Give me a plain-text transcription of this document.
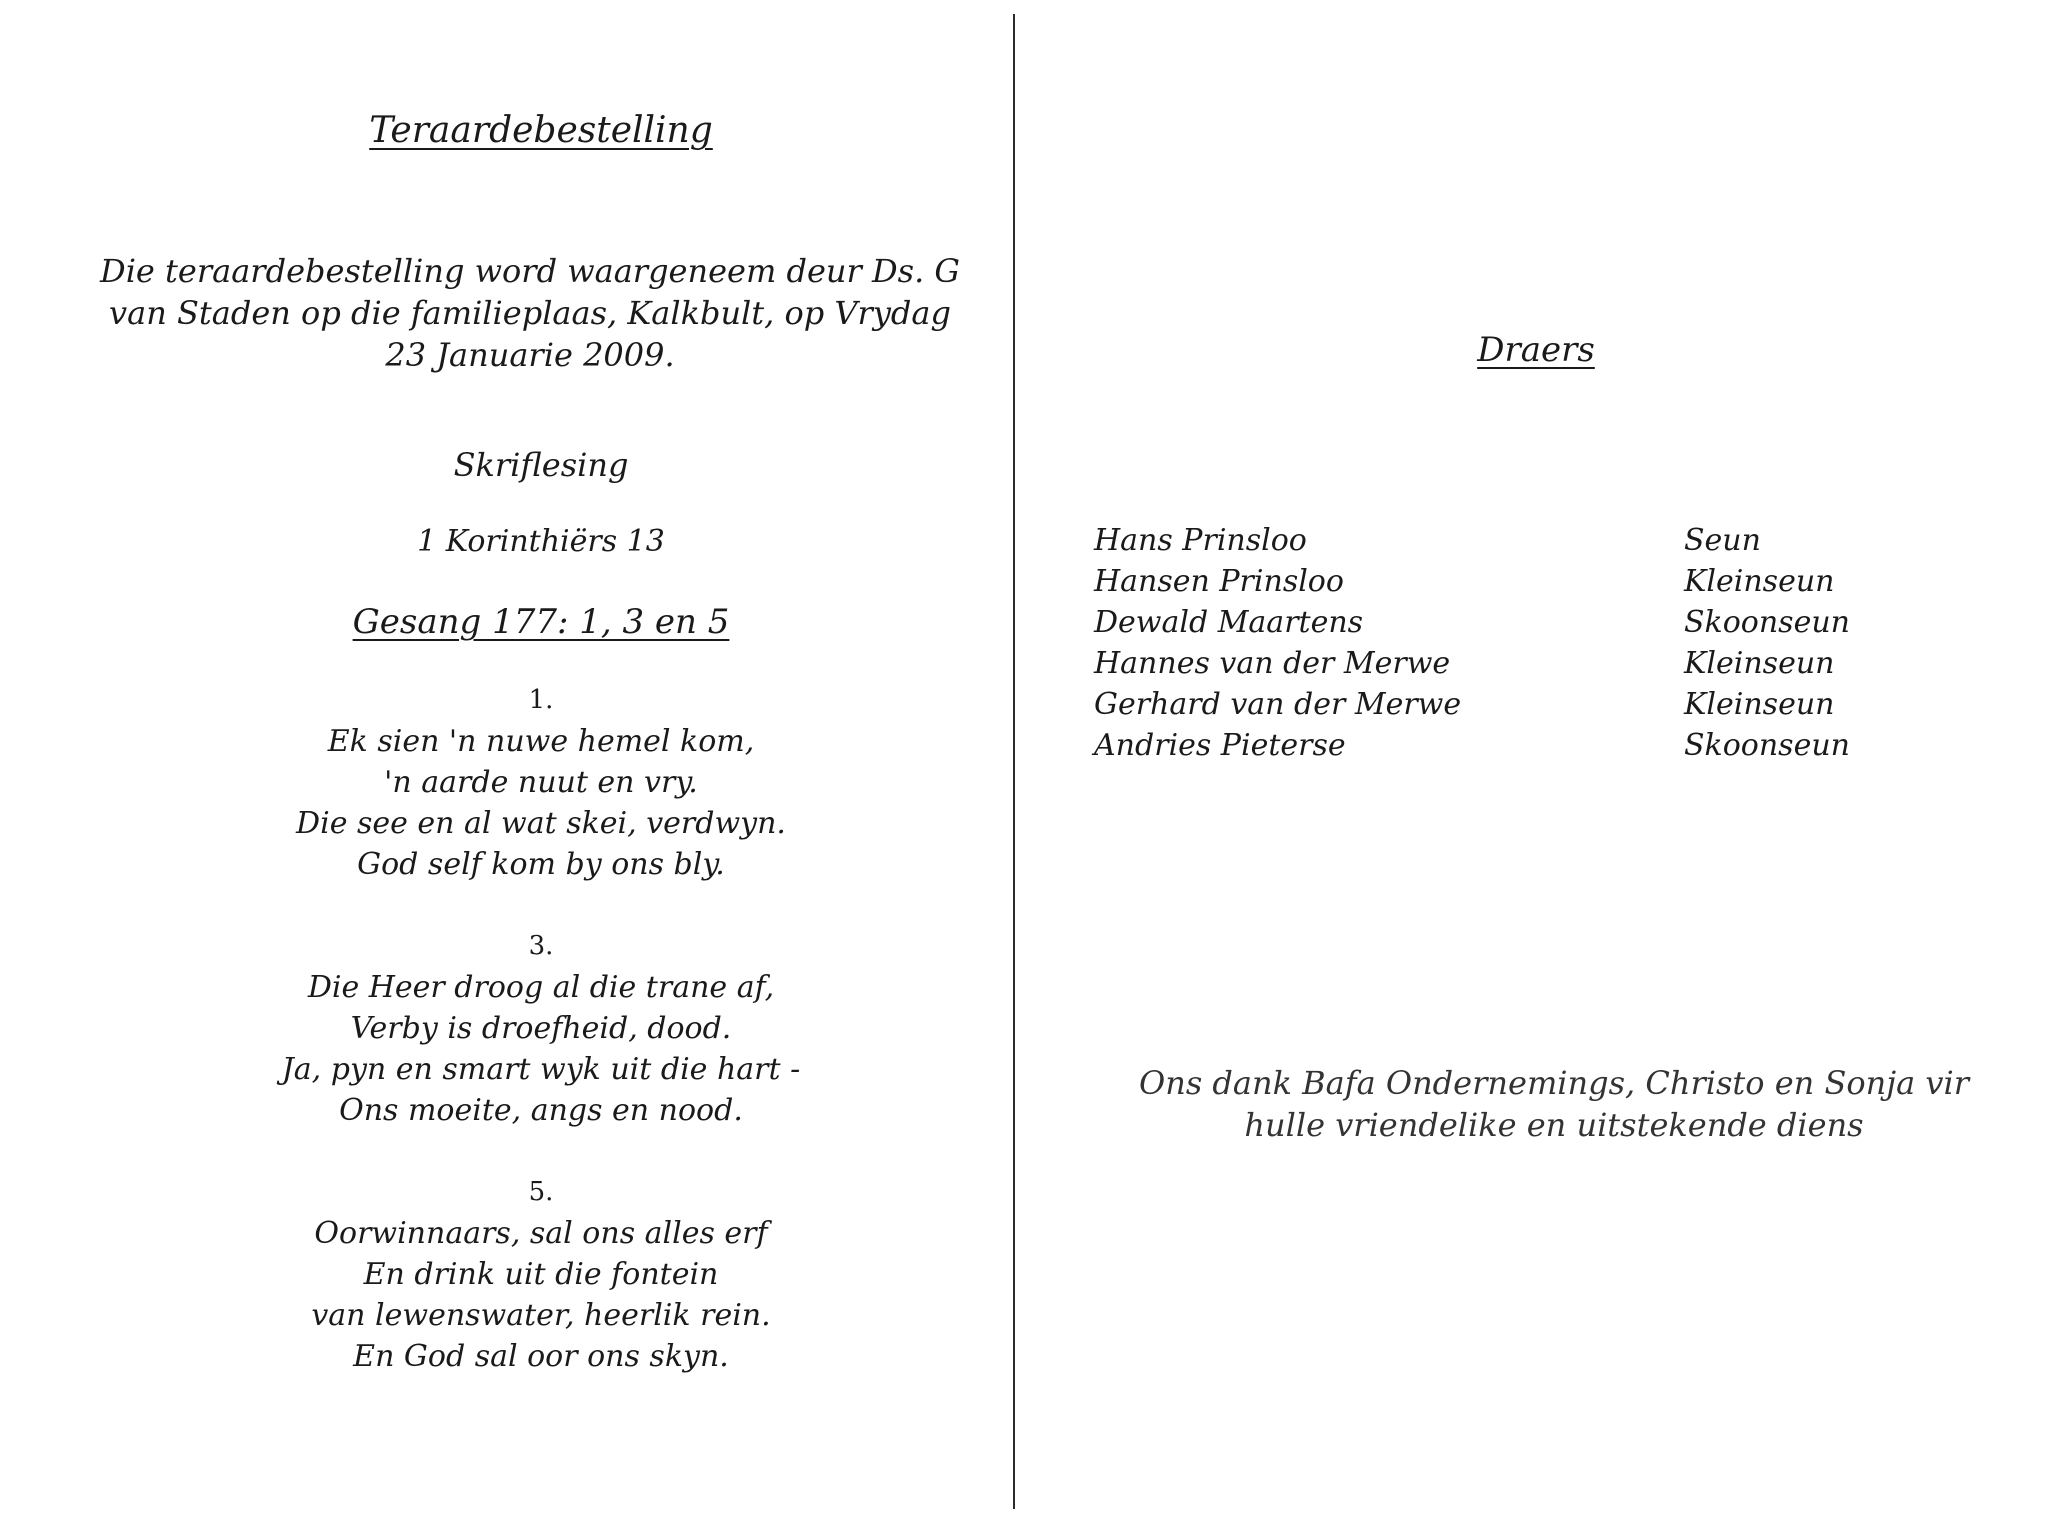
Teraardebestelling
Die teraardebestelling word waargeneem deur Ds. G
van Staden op die familieplaas, Kalkbult, op Vrydag
23 Januarie 2009.
Skriflesing
1 Korinthiërs 13
Gesang 177: 1, 3 en 5
1.
Ek sien 'n nuwe hemel kom,
'n aarde nuut en vry.
Die see en al wat skei, verdwyn.
God self kom by ons bly.
3.
Die Heer droog al die trane af,
Verby is droefheid, dood.
Ja, pyn en smart wyk uit die hart -
Ons moeite, angs en nood.
5.
Oorwinnaars, sal ons alles erf
En drink uit die fontein
van lewenswater, heerlik rein.
En God sal oor ons skyn.
Draers
Hans Prinsloo	Seun
Hansen Prinsloo	Kleinseun
Dewald Maartens	Skoonseun
Hannes van der Merwe	Kleinseun
Gerhard van der Merwe	Kleinseun
Andries Pieterse	Skoonseun
Ons dank Bafa Ondernemings, Christo en Sonja vir
hulle vriendelike en uitstekende diens
